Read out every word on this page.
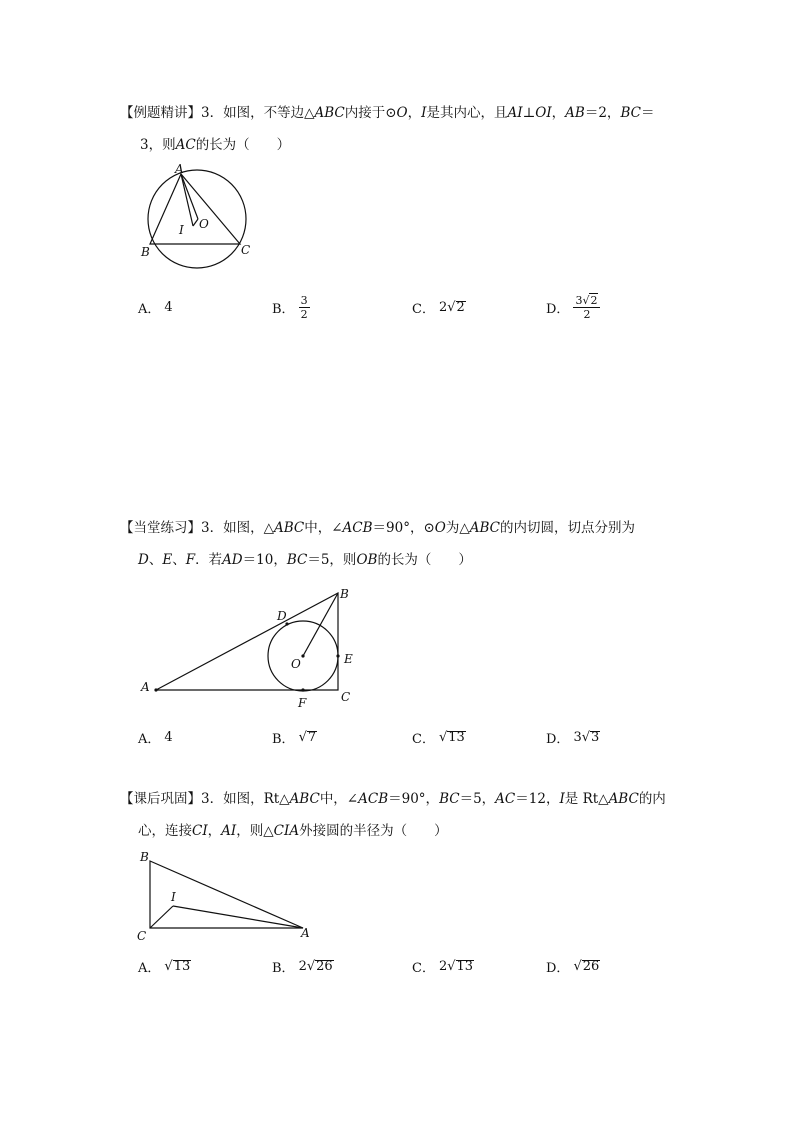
【例题精讲】3．如图，不等边△ABC内接于⊙O，I是其内心，且AI⊥OI，AB＝2，BC＝
3，则AC的长为（　　）
A
B	C
O
I
A． 4	B． $\frac{3}{2}$	C． 2 √ 2	D． $\frac{3√2}{2}$
【当堂练习】3．如图，△ABC中，∠ACB＝90°，⊙O为△ABC的内切圆，切点分别为
D、E、F．若AD＝10，BC＝5，则OB的长为（　　）
A
B
C
D
E
F
O
A． 4	B． √ 7	C． √ 13	D． 3 √ 3
【课后巩固】3．如图，Rt△ABC中，∠ACB＝90°，BC＝5，AC＝12，I是 Rt△ABC的内
心，连接CI，AI，则△CIA外接圆的半径为（　　）
B
C	A
I
A． √ 13	B． 2 √ 26	C． 2 √ 13	D． √ 26
